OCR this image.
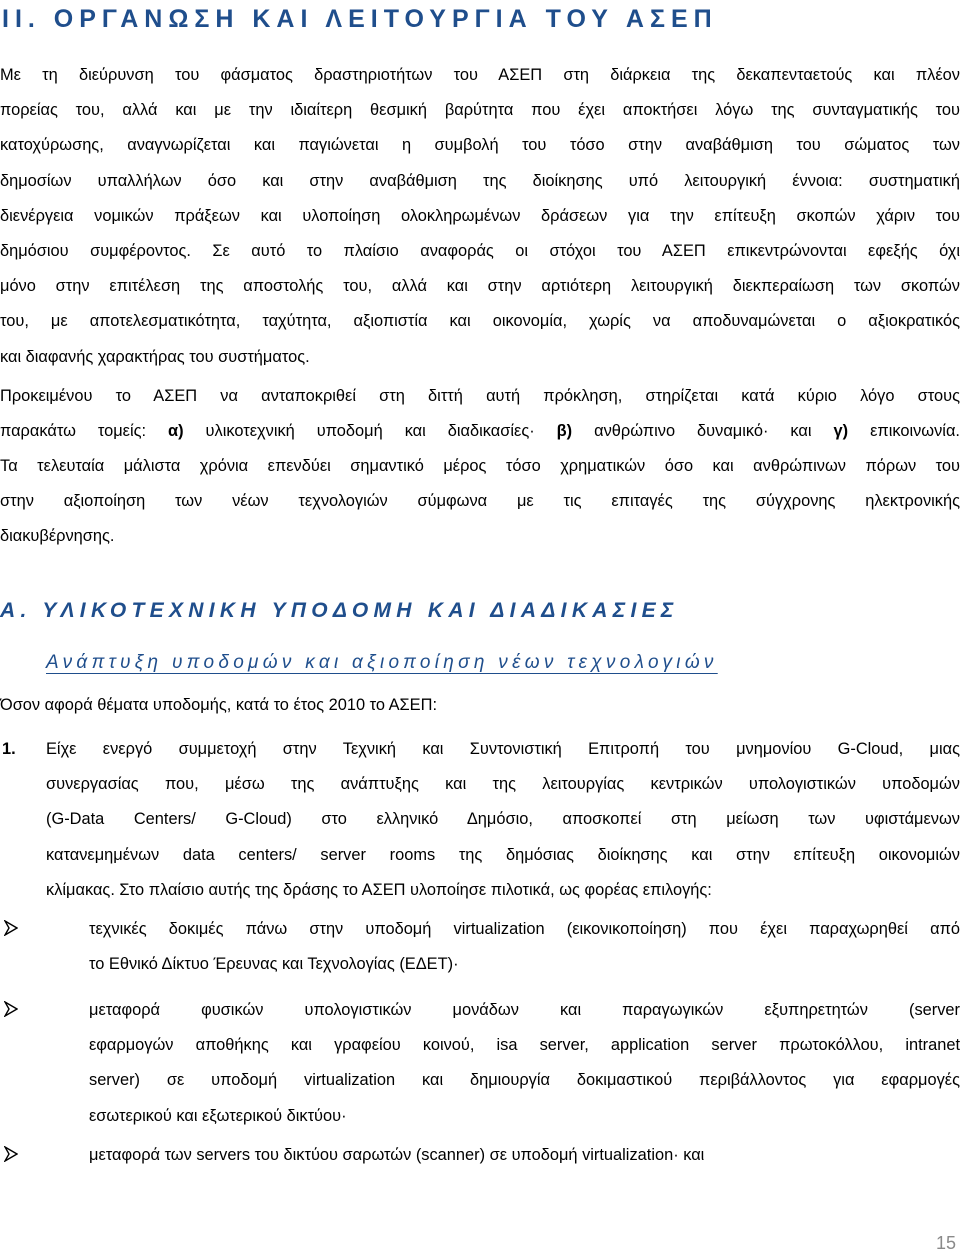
II. ΟΡΓΑΝΩΣΗ ΚΑΙ ΛΕΙΤΟΥΡΓΙΑ ΤΟΥ ΑΣΕΠ
Με τη διεύρυνση του φάσματος δραστηριοτήτων του ΑΣΕΠ στη διάρκεια της δεκαπενταετούς και πλέον
πορείας του, αλλά και με την ιδιαίτερη θεσμική βαρύτητα που έχει αποκτήσει λόγω της συνταγματικής του
κατοχύρωσης, αναγνωρίζεται και παγιώνεται η συμβολή του τόσο στην αναβάθμιση του σώματος των
δημοσίων υπαλλήλων όσο και στην αναβάθμιση της διοίκησης υπό λειτουργική έννοια: συστηματική
διενέργεια νομικών πράξεων και υλοποίηση ολοκληρωμένων δράσεων για την επίτευξη σκοπών χάριν του
δημόσιου συμφέροντος. Σε αυτό το πλαίσιο αναφοράς οι στόχοι του ΑΣΕΠ επικεντρώνονται εφεξής όχι
μόνο στην επιτέλεση της αποστολής του, αλλά και στην αρτιότερη λειτουργική διεκπεραίωση των σκοπών
του, με αποτελεσματικότητα, ταχύτητα, αξιοπιστία και οικονομία, χωρίς να αποδυναμώνεται ο αξιοκρατικός
και διαφανής χαρακτήρας του συστήματος.
Προκειμένου το ΑΣΕΠ να ανταποκριθεί στη διττή αυτή πρόκληση, στηρίζεται κατά κύριο λόγο στους
παρακάτω τομείς: α) υλικοτεχνική υποδομή και διαδικασίες· β) ανθρώπινο δυναμικό· και γ) επικοινωνία.
Τα τελευταία μάλιστα χρόνια επενδύει σημαντικό μέρος τόσο χρηματικών όσο και ανθρώπινων πόρων του
στην αξιοποίηση των νέων τεχνολογιών σύμφωνα με τις επιταγές της σύγχρονης ηλεκτρονικής
διακυβέρνησης.
Α. ΥΛΙΚΟΤΕΧΝΙΚΗ ΥΠΟΔΟΜΗ ΚΑΙ ΔΙΑΔΙΚΑΣΙΕΣ
Ανάπτυξη υποδομών και αξιοποίηση νέων τεχνολογιών
Όσον αφορά θέματα υποδομής, κατά το έτος 2010 το ΑΣΕΠ:
1. Είχε ενεργό συμμετοχή στην Τεχνική και Συντονιστική Επιτροπή του μνημονίου G-Cloud, μιας
συνεργασίας που, μέσω της ανάπτυξης και της λειτουργίας κεντρικών υπολογιστικών υποδομών
(G-Data Centers/ G-Cloud) στο ελληνικό Δημόσιο, αποσκοπεί στη μείωση των υφιστάμενων
κατανεμημένων data centers/ server rooms της δημόσιας διοίκησης και στην επίτευξη οικονομιών
κλίμακας. Στο πλαίσιο αυτής της δράσης το ΑΣΕΠ υλοποίησε πιλοτικά, ως φορέας επιλογής:
τεχνικές δοκιμές πάνω στην υποδομή virtualization (εικονικοποίηση) που έχει παραχωρηθεί από
το Εθνικό Δίκτυο Έρευνας και Τεχνολογίας (ΕΔΕΤ)·
μεταφορά φυσικών υπολογιστικών μονάδων και παραγωγικών εξυπηρετητών (server
εφαρμογών αποθήκης και γραφείου κοινού, isa server, application server πρωτοκόλλου, intranet
server) σε υποδομή virtualization και δημιουργία δοκιμαστικού περιβάλλοντος για εφαρμογές
εσωτερικού και εξωτερικού δικτύου·
μεταφορά των servers του δικτύου σαρωτών (scanner) σε υποδομή virtualization· και
15
